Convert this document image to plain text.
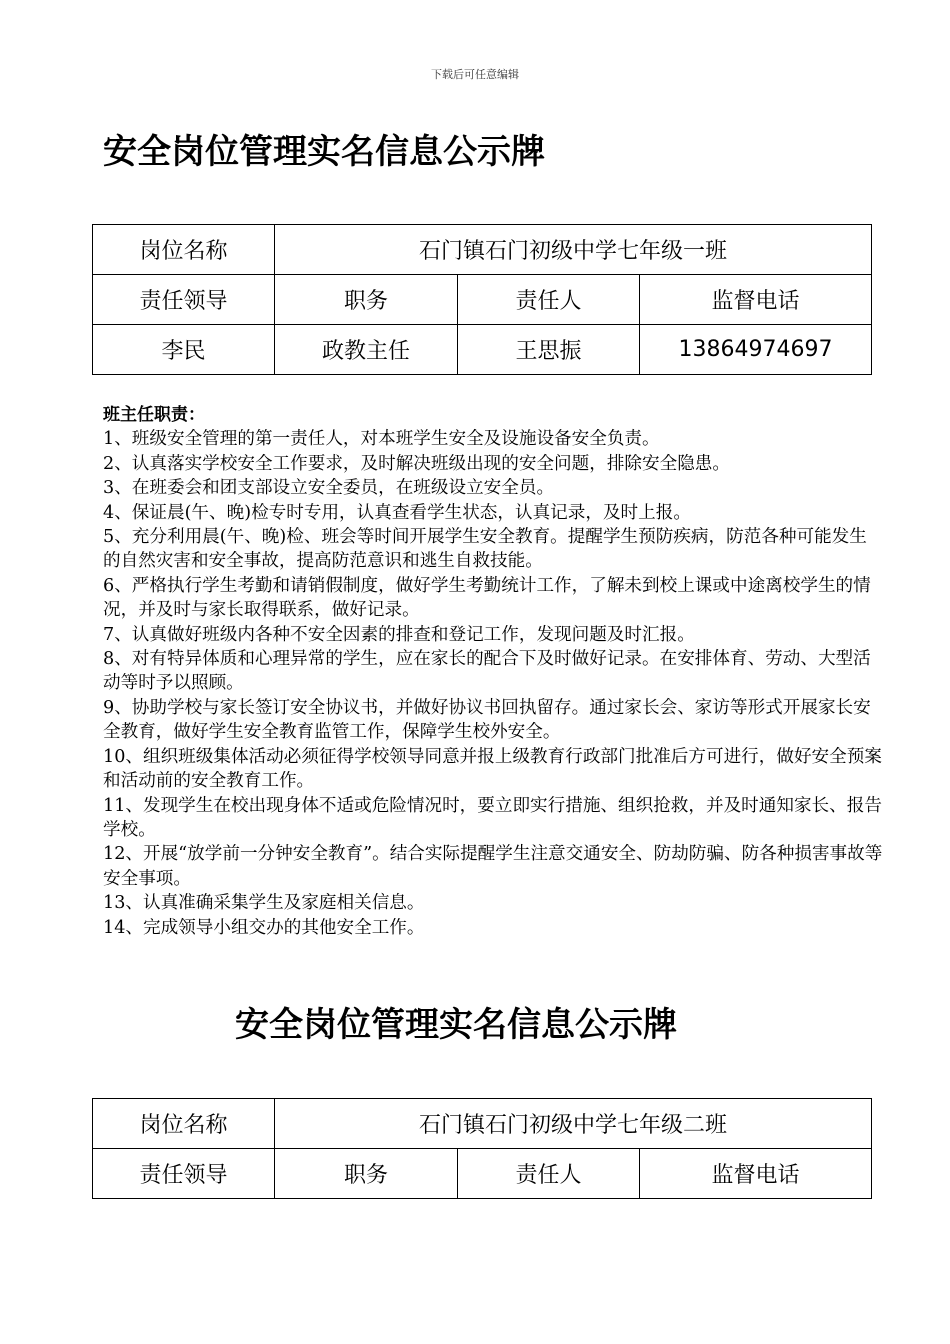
下载后可任意编辑
安全岗位管理实名信息公示牌
岗位名称	石门镇石门初级中学七年级一班		
责任领导	职务	责任人	监督电话
李民	政教主任	王思振	13864974697
班主任职责：

1、班级安全管理的第一责任人，对本班学生安全及设施设备安全负责。

2、认真落实学校安全工作要求，及时解决班级出现的安全问题，排除安全隐患。

3、在班委会和团支部设立安全委员，在班级设立安全员。

4、保证晨(午、晚)检专时专用，认真查看学生状态，认真记录，及时上报。

5、充分利用晨(午、晚)检、班会等时间开展学生安全教育。提醒学生预防疾病，防范各种可能发生的自然灾害和安全事故，提高防范意识和逃生自救技能。

6、严格执行学生考勤和请销假制度，做好学生考勤统计工作，了解未到校上课或中途离校学生的情况，并及时与家长取得联系，做好记录。

7、认真做好班级内各种不安全因素的排查和登记工作，发现问题及时汇报。

8、对有特异体质和心理异常的学生，应在家长的配合下及时做好记录。在安排体育、劳动、大型活动等时予以照顾。

9、协助学校与家长签订安全协议书，并做好协议书回执留存。通过家长会、家访等形式开展家长安全教育，做好学生安全教育监管工作，保障学生校外安全。

10、组织班级集体活动必须征得学校领导同意并报上级教育行政部门批准后方可进行，做好安全预案和活动前的安全教育工作。

11、发现学生在校出现身体不适或危险情况时，要立即实行措施、组织抢救，并及时通知家长、报告学校。

12、开展“放学前一分钟安全教育”。结合实际提醒学生注意交通安全、防劫防骗、防各种损害事故等安全事项。

13、认真准确采集学生及家庭相关信息。

14、完成领导小组交办的其他安全工作。

安全岗位管理实名信息公示牌
岗位名称	石门镇石门初级中学七年级二班		
责任领导	职务	责任人	监督电话
